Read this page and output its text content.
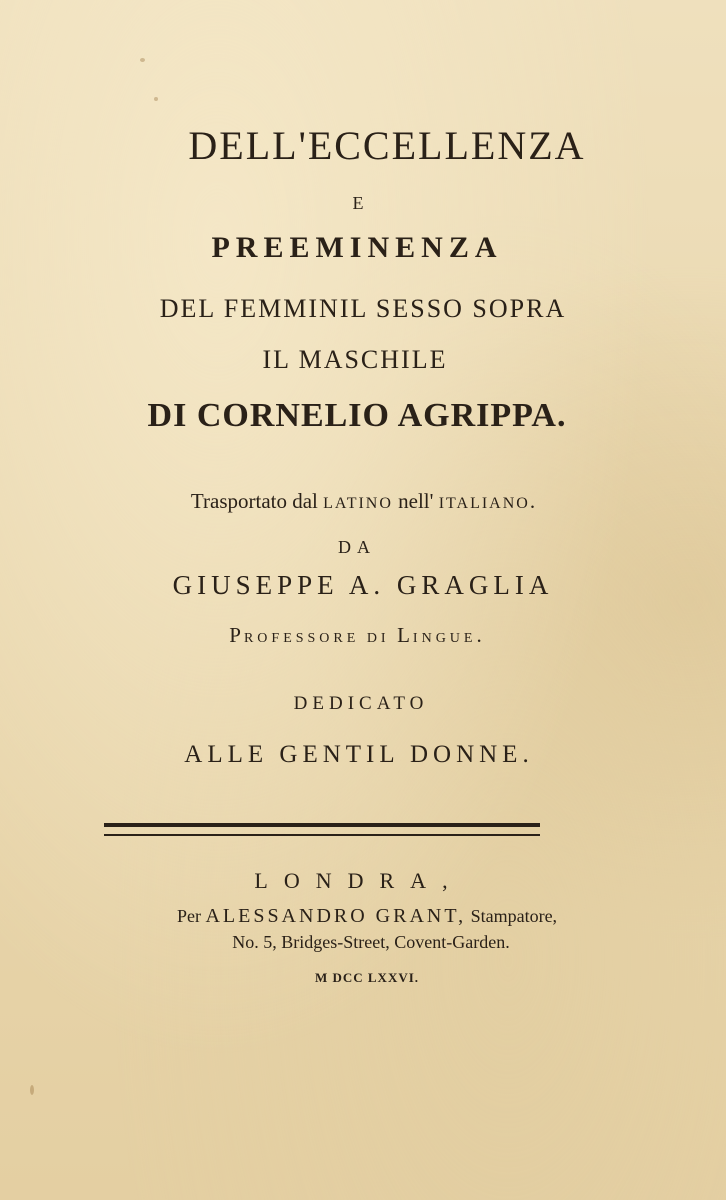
DELL'ECCELLENZA
E
PREEMINENZA
DEL FEMMINIL SESSO SOPRA
IL MASCHILE
DI CORNELIO AGRIPPA.
Trasportato dal LATINO nell' ITALIANO.
DA
GIUSEPPE A. GRAGLIA
PROFESSORE DI LINGUE.
DEDICATO
ALLE GENTIL DONNE.
LONDRA,
Per ALESSANDRO GRANT, Stampatore,
No. 5, Bridges-Street, Covent-Garden.
M DCC LXXVI.
